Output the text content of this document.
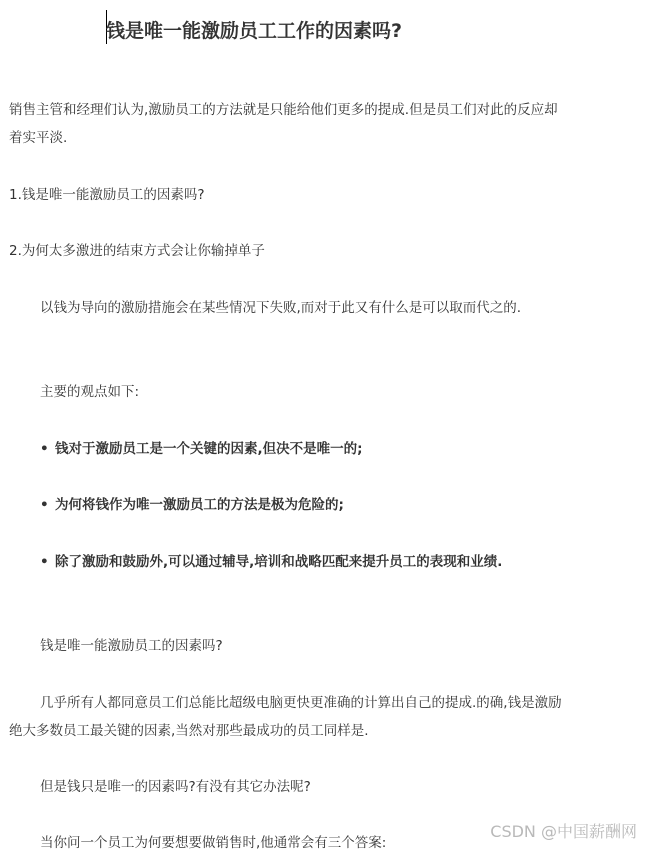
钱是唯一能激励员工工作的因素吗?

销售主管和经理们认为,激励员工的方法就是只能给他们更多的提成.但是员工们对此的反应却着实平淡.

1.钱是唯一能激励员工的因素吗?

2.为何太多激进的结束方式会让你输掉单子

以钱为导向的激励措施会在某些情况下失败,而对于此又有什么是可以取而代之的.

主要的观点如下:

• 钱对于激励员工是一个关键的因素,但决不是唯一的;

• 为何将钱作为唯一激励员工的方法是极为危险的;

• 除了激励和鼓励外,可以通过辅导,培训和战略匹配来提升员工的表现和业绩.

钱是唯一能激励员工的因素吗?

几乎所有人都同意员工们总能比超级电脑更快更准确的计算出自己的提成.的确,钱是激励绝大多数员工最关键的因素,当然对那些最成功的员工同样是.

但是钱只是唯一的因素吗?有没有其它办法呢?

当你问一个员工为何要想要做销售时,他通常会有三个答案:

CSDN @中国薪酬网
